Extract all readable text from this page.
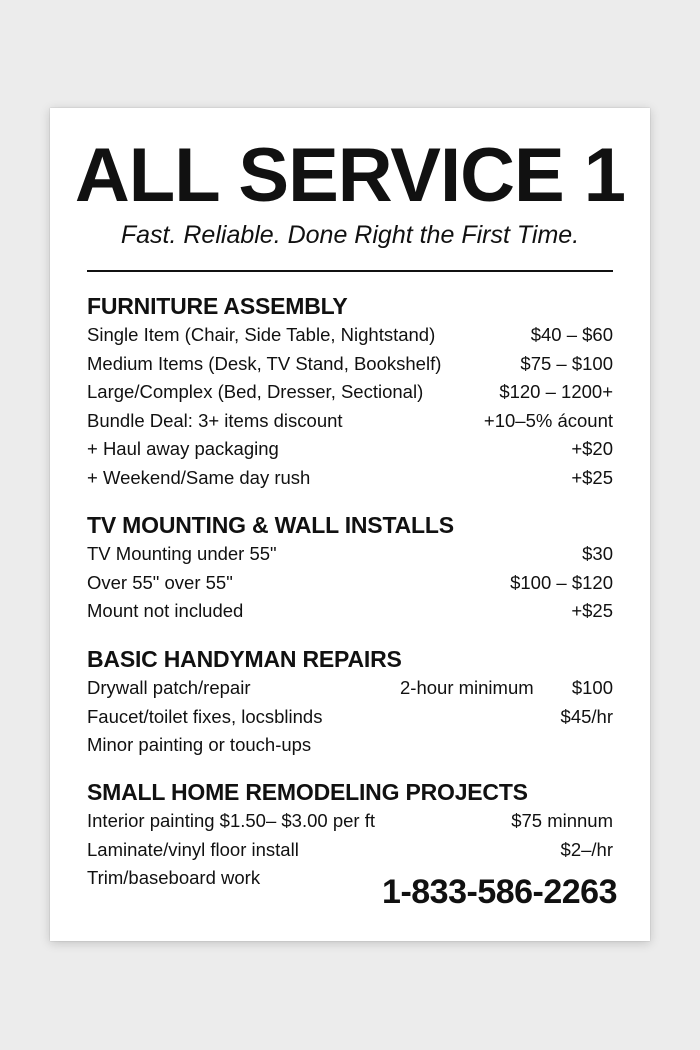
ALL SERVICE 1
Fast. Reliable. Done Right the First Time.
FURNITURE ASSEMBLY
Single Item (Chair, Side Table, Nightstand)	$40 – $60
Medium Items (Desk, TV Stand, Bookshelf)	$75 – $100
Large/Complex (Bed, Dresser, Sectional)	$120 – 1200+
Bundle Deal: 3+ items discount	+10–5% ácount
+ Haul away packaging	+$20
+ Weekend/Same day rush	+$25
TV MOUNTING & WALL INSTALLS
TV Mounting under 55"	$30
Over 55" over 55"	$100 – $120
Mount not included	+$25
BASIC HANDYMAN REPAIRS
Drywall patch/repair	2-hour minimum $100
Faucet/toilet fixes, locsblinds	$45/hr
Minor painting or touch-ups
SMALL HOME REMODELING PROJECTS
Interior painting $1.50– $3.00 per ft	$75 minnum
Laminate/vinyl floor install	$2–/hr
Trim/baseboard work	1-833-586-2263
